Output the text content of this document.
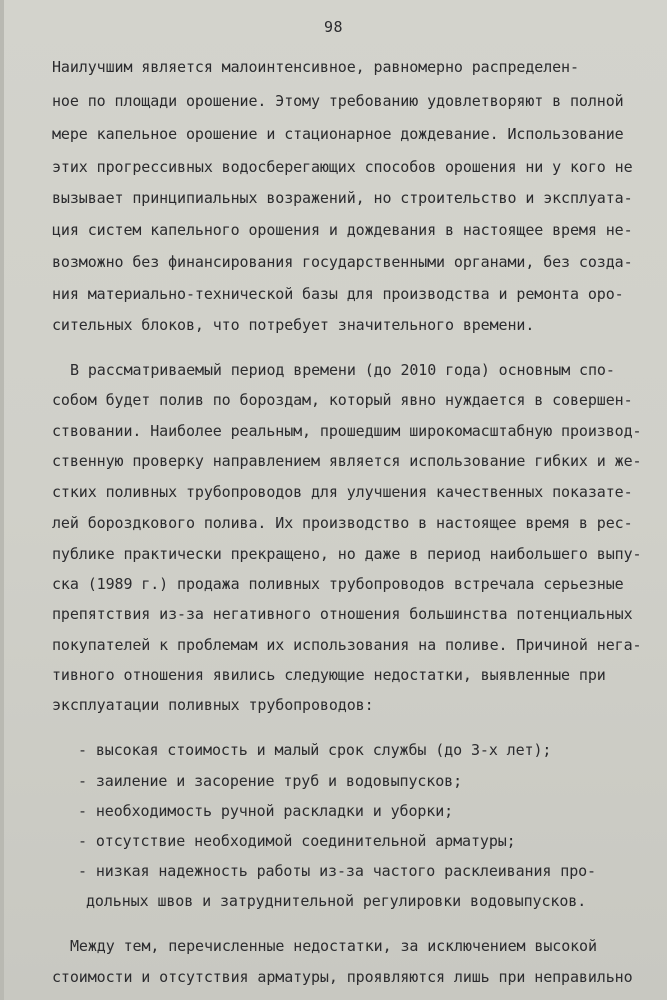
98
Наилучшим является малоинтенсивное, равномерно распределен-
ное по площади орошение. Этому требованию удовлетворяют в полной
мере капельное орошение и стационарное дождевание. Использование
этих прогрессивных водосберегающих способов орошения ни у кого не
вызывает принципиальных возражений, но строительство и эксплуата-
ция систем капельного орошения и дождевания в настоящее время не-
возможно без финансирования государственными органами, без созда-
ния материально-технической базы для производства и ремонта оро-
сительных блоков, что потребует значительного времени.
В рассматриваемый период времени (до 2010 года) основным спо-
собом будет полив по бороздам, который явно нуждается в совершен-
ствовании. Наиболее реальным, прошедшим широкомасштабную производ-
ственную проверку направлением является использование гибких и же-
стких поливных трубопроводов для улучшения качественных показате-
лей бороздкового полива. Их производство в настоящее время в рес-
публике практически прекращено, но даже в период наибольшего выпу-
ска (1989 г.) продажа поливных трубопроводов встречала серьезные
препятствия из-за негативного отношения большинства потенциальных
покупателей к проблемам их использования на поливе. Причиной нега-
тивного отношения явились следующие недостатки, выявленные при
эксплуатации поливных трубопроводов:
- высокая стоимость и малый срок службы (до 3-х лет);
- заиление и засорение труб и водовыпусков;
- необходимость ручной раскладки и уборки;
- отсутствие необходимой соединительной арматуры;
- низкая надежность работы из-за частого расклеивания про-
дольных швов и затруднительной регулировки водовыпусков.
Между тем, перечисленные недостатки, за исключением высокой
стоимости и отсутствия арматуры, проявляются лишь при неправильно
